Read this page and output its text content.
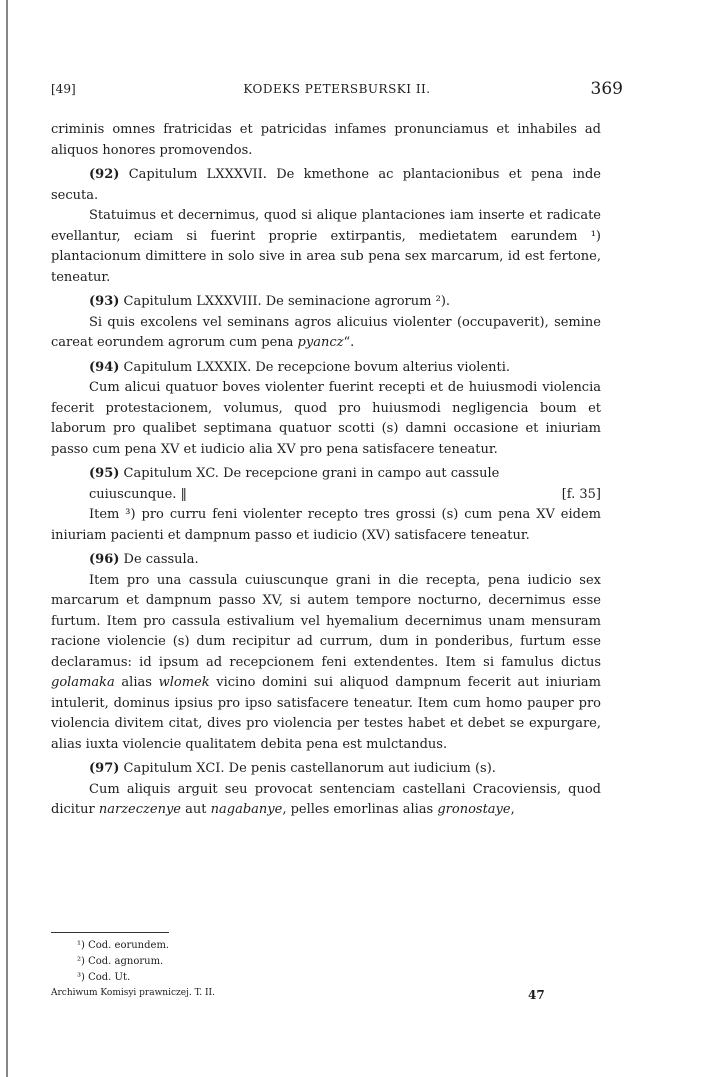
[49]	KODEKS PETERSBURSKI II.	369

criminis omnes fratricidas et patricidas infames pronunciamus et inhabiles ad aliquos honores promovendos.

(92) Capitulum LXXXVII. De kmethone ac plantacionibus et pena inde secuta.

Statuimus et decernimus, quod si alique plantaciones iam inserte et radicate evellantur, eciam si fuerint proprie extirpantis, medietatem earundem ¹) plantacionum dimittere in solo sive in area sub pena sex marcarum, id est fertone, teneatur.

(93) Capitulum LXXXVIII. De seminacione agrorum ²).

Si quis excolens vel seminans agros alicuius violenter (occupaverit), semine careat eorundem agrorum cum pena pyancz“.

(94) Capitulum LXXXIX. De recepcione bovum alterius violenti.

Cum alicui quatuor boves violenter fuerint recepti et de huiusmodi violencia fecerit protestacionem, volumus, quod pro huiusmodi negligencia boum et laborum pro qualibet septimana quatuor scotti (s) damni occasione et iniuriam passo cum pena XV et iudicio alia XV pro pena satisfacere teneatur.

(95) Capitulum XC. De recepcione grani in campo aut cassule

cuiuscunque. ‖	[f. 35]

Item ³) pro curru feni violenter recepto tres grossi (s) cum pena XV eidem iniuriam pacienti et dampnum passo et iudicio (XV) satisfacere teneatur.

(96) De cassula.

Item pro una cassula cuiuscunque grani in die recepta, pena iudicio sex marcarum et dampnum passo XV, si autem tempore nocturno, decernimus esse furtum. Item pro cassula estivalium vel hyemalium decernimus unam mensuram racione violencie (s) dum recipitur ad currum, dum in ponderibus, furtum esse declaramus: id ipsum ad recepcionem feni extendentes. Item si famulus dictus golamaka alias wlomek vicino domini sui aliquod dampnum fecerit aut iniuriam intulerit, dominus ipsius pro ipso satisfacere teneatur. Item cum homo pauper pro violencia divitem citat, dives pro violencia per testes habet et debet se expurgare, alias iuxta violencie qualitatem debita pena est mulctandus.

(97) Capitulum XCI. De penis castellanorum aut iudicium (s).

Cum aliquis arguit seu provocat sentenciam castellani Cracoviensis, quod dicitur narzeczenye aut nagabanye, pelles emorlinas alias gronostaye,

¹) Cod. eorundem.
²) Cod. agnorum.
³) Cod. Ut.
Archiwum Komisyi prawniczej. T. II.	47
